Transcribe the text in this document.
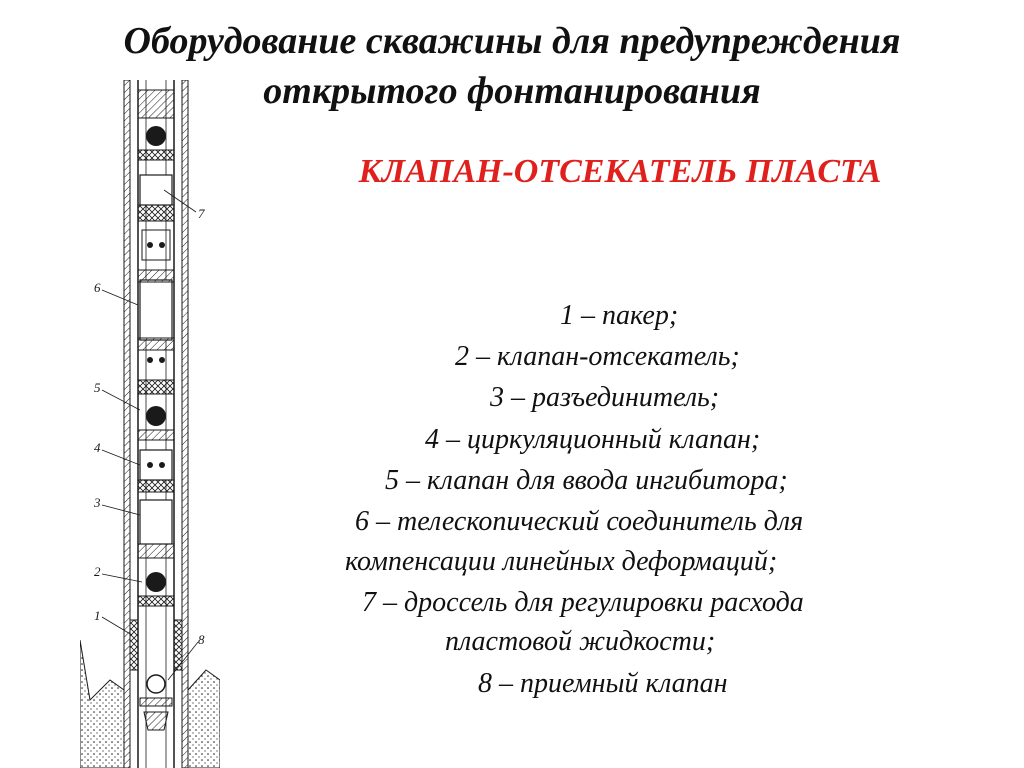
Оборудование скважины для предупреждения
открытого фонтанирования
КЛАПАН-ОТСЕКАТЕЛЬ ПЛАСТА
1 – пакер;
2 – клапан-отсекатель;
3 – разъединитель;
4 – циркуляционный клапан;
5 – клапан для ввода ингибитора;
6 – телескопический соединитель для
компенсации линейных деформаций;
7 – дроссель для регулировки расхода
пластовой жидкости;
8 – приемный клапан
7
6
5
4
3
2
1
8
